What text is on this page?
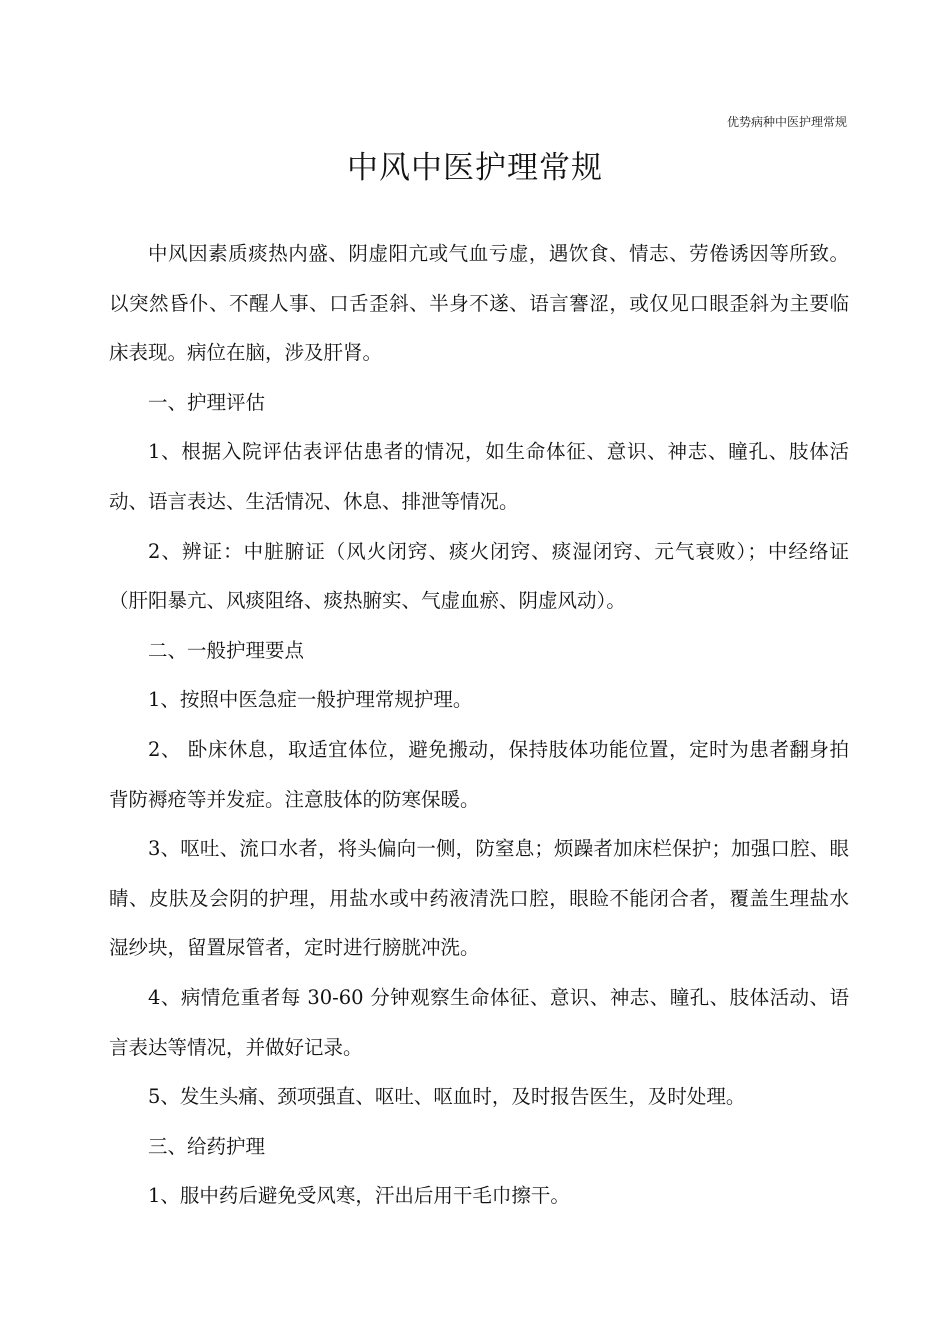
优势病种中医护理常规
中风中医护理常规

中风因素质痰热内盛、阴虚阳亢或气血亏虚，遇饮食、情志、劳倦诱因等所致。以突然昏仆、不醒人事、口舌歪斜、半身不遂、语言謇涩，或仅见口眼歪斜为主要临床表现。病位在脑，涉及肝肾。

一、护理评估

1、根据入院评估表评估患者的情况，如生命体征、意识、神志、瞳孔、肢体活动、语言表达、生活情况、休息、排泄等情况。

2、辨证：中脏腑证（风火闭窍、痰火闭窍、痰湿闭窍、元气衰败）；中经络证（肝阳暴亢、风痰阻络、痰热腑实、气虚血瘀、阴虚风动）。

二、一般护理要点

1、按照中医急症一般护理常规护理。

2、 卧床休息，取适宜体位，避免搬动，保持肢体功能位置，定时为患者翻身拍背防褥疮等并发症。注意肢体的防寒保暖。

3、呕吐、流口水者，将头偏向一侧，防窒息；烦躁者加床栏保护；加强口腔、眼睛、皮肤及会阴的护理，用盐水或中药液清洗口腔，眼睑不能闭合者，覆盖生理盐水湿纱块，留置尿管者，定时进行膀胱冲洗。

4、病情危重者每 30-60 分钟观察生命体征、意识、神志、瞳孔、肢体活动、语言表达等情况，并做好记录。

5、发生头痛、颈项强直、呕吐、呕血时，及时报告医生，及时处理。

三、给药护理

1、服中药后避免受风寒，汗出后用干毛巾擦干。
